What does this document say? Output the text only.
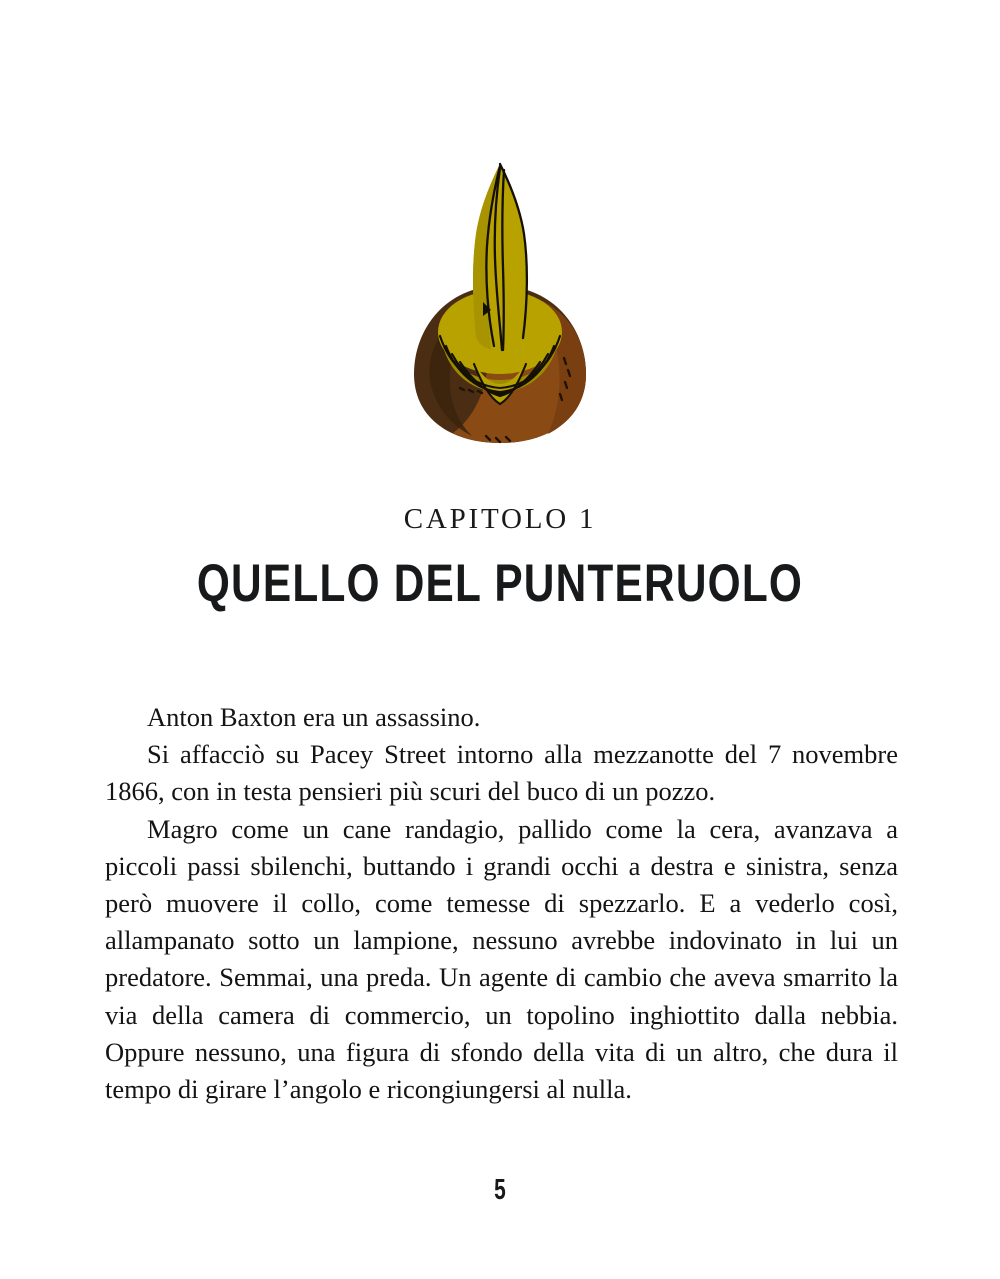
CAPITOLO 1
QUELLO DEL PUNTERUOLO

Anton Baxton era un assassino.

Si affacciò su Pacey Street intorno alla mezzanotte del 7 novembre 1866, con in testa pensieri più scuri del buco di un pozzo.

Magro come un cane randagio, pallido come la cera, avanzava a piccoli passi sbilenchi, buttando i grandi occhi a destra e sinistra, senza però muovere il collo, come temesse di spezzarlo. E a vederlo così, allampanato sotto un lampione, nessuno avrebbe indovinato in lui un predatore. Semmai, una preda. Un agente di cambio che aveva smarrito la via della camera di commercio, un topolino inghiottito dalla nebbia. Oppure nessuno, una figura di sfondo della vita di un altro, che dura il tempo di girare l’angolo e ricongiungersi al nulla.

5
